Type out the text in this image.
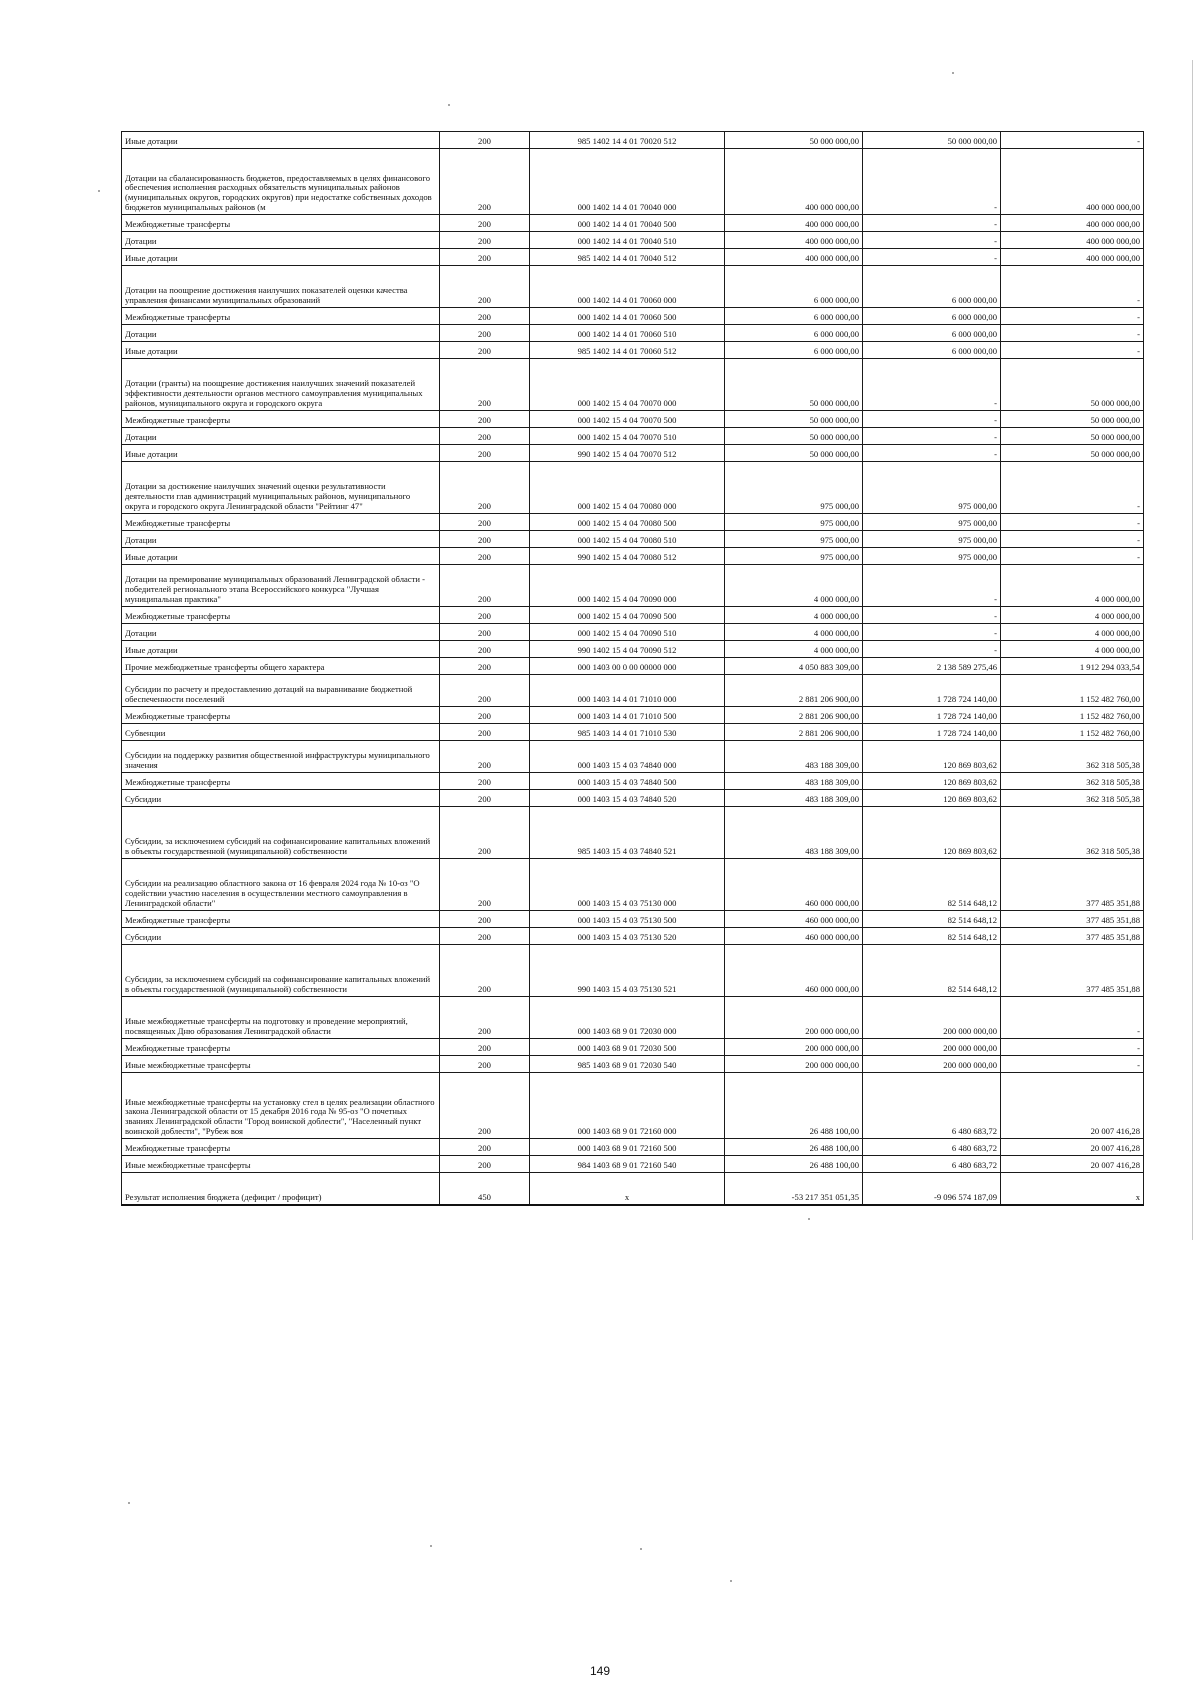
Иные дотации	200	985 1402 14 4 01 70020 512	50 000 000,00	50 000 000,00	-
Дотации на сбалансированность бюджетов, предоставляемых в целях финансового обеспечения исполнения расходных обязательств муниципальных районов (муниципальных округов, городских округов) при недостатке собственных доходов бюджетов муниципальных районов (м	200	000 1402 14 4 01 70040 000	400 000 000,00	-	400 000 000,00
Межбюджетные трансферты	200	000 1402 14 4 01 70040 500	400 000 000,00	-	400 000 000,00
Дотации	200	000 1402 14 4 01 70040 510	400 000 000,00	-	400 000 000,00
Иные дотации	200	985 1402 14 4 01 70040 512	400 000 000,00	-	400 000 000,00
Дотации на поощрение достижения наилучших показателей оценки качества управления финансами муниципальных образований	200	000 1402 14 4 01 70060 000	6 000 000,00	6 000 000,00	-
Межбюджетные трансферты	200	000 1402 14 4 01 70060 500	6 000 000,00	6 000 000,00	-
Дотации	200	000 1402 14 4 01 70060 510	6 000 000,00	6 000 000,00	-
Иные дотации	200	985 1402 14 4 01 70060 512	6 000 000,00	6 000 000,00	-
Дотации (гранты) на поощрение достижения наилучших значений показателей эффективности деятельности органов местного самоуправления муниципальных районов, муниципального округа и городского округа	200	000 1402 15 4 04 70070 000	50 000 000,00	-	50 000 000,00
Межбюджетные трансферты	200	000 1402 15 4 04 70070 500	50 000 000,00	-	50 000 000,00
Дотации	200	000 1402 15 4 04 70070 510	50 000 000,00	-	50 000 000,00
Иные дотации	200	990 1402 15 4 04 70070 512	50 000 000,00	-	50 000 000,00
Дотации за достижение наилучших значений оценки результативности деятельности глав администраций муниципальных районов, муниципального округа и городского округа Ленинградской области "Рейтинг 47"	200	000 1402 15 4 04 70080 000	975 000,00	975 000,00	-
Межбюджетные трансферты	200	000 1402 15 4 04 70080 500	975 000,00	975 000,00	-
Дотации	200	000 1402 15 4 04 70080 510	975 000,00	975 000,00	-
Иные дотации	200	990 1402 15 4 04 70080 512	975 000,00	975 000,00	-
Дотации на премирование муниципальных образований Ленинградской области - победителей регионального этапа Всероссийского конкурса "Лучшая муниципальная практика"	200	000 1402 15 4 04 70090 000	4 000 000,00	-	4 000 000,00
Межбюджетные трансферты	200	000 1402 15 4 04 70090 500	4 000 000,00	-	4 000 000,00
Дотации	200	000 1402 15 4 04 70090 510	4 000 000,00	-	4 000 000,00
Иные дотации	200	990 1402 15 4 04 70090 512	4 000 000,00	-	4 000 000,00
Прочие межбюджетные трансферты общего характера	200	000 1403 00 0 00 00000 000	4 050 883 309,00	2 138 589 275,46	1 912 294 033,54
Субсидии по расчету и предоставлению дотаций на выравнивание бюджетной обеспеченности поселений	200	000 1403 14 4 01 71010 000	2 881 206 900,00	1 728 724 140,00	1 152 482 760,00
Межбюджетные трансферты	200	000 1403 14 4 01 71010 500	2 881 206 900,00	1 728 724 140,00	1 152 482 760,00
Субвенции	200	985 1403 14 4 01 71010 530	2 881 206 900,00	1 728 724 140,00	1 152 482 760,00
Субсидии на поддержку развития общественной инфраструктуры муниципального значения	200	000 1403 15 4 03 74840 000	483 188 309,00	120 869 803,62	362 318 505,38
Межбюджетные трансферты	200	000 1403 15 4 03 74840 500	483 188 309,00	120 869 803,62	362 318 505,38
Субсидии	200	000 1403 15 4 03 74840 520	483 188 309,00	120 869 803,62	362 318 505,38
Субсидии, за исключением субсидий на софинансирование капитальных вложений в объекты государственной (муниципальной) собственности	200	985 1403 15 4 03 74840 521	483 188 309,00	120 869 803,62	362 318 505,38
Субсидии на реализацию областного закона от 16 февраля 2024 года № 10-оз "О содействии участию населения в осуществлении местного самоуправления в Ленинградской области"	200	000 1403 15 4 03 75130 000	460 000 000,00	82 514 648,12	377 485 351,88
Межбюджетные трансферты	200	000 1403 15 4 03 75130 500	460 000 000,00	82 514 648,12	377 485 351,88
Субсидии	200	000 1403 15 4 03 75130 520	460 000 000,00	82 514 648,12	377 485 351,88
Субсидии, за исключением субсидий на софинансирование капитальных вложений в объекты государственной (муниципальной) собственности	200	990 1403 15 4 03 75130 521	460 000 000,00	82 514 648,12	377 485 351,88
Иные межбюджетные трансферты на подготовку и проведение мероприятий, посвященных Дню образования Ленинградской области	200	000 1403 68 9 01 72030 000	200 000 000,00	200 000 000,00	-
Межбюджетные трансферты	200	000 1403 68 9 01 72030 500	200 000 000,00	200 000 000,00	-
Иные межбюджетные трансферты	200	985 1403 68 9 01 72030 540	200 000 000,00	200 000 000,00	-
Иные межбюджетные трансферты на установку стел в целях реализации областного закона Ленинградской области от 15 декабря 2016 года № 95-оз "О почетных званиях Ленинградской области "Город воинской доблести", "Населенный пункт воинской доблести", "Рубеж воя	200	000 1403 68 9 01 72160 000	26 488 100,00	6 480 683,72	20 007 416,28
Межбюджетные трансферты	200	000 1403 68 9 01 72160 500	26 488 100,00	6 480 683,72	20 007 416,28
Иные межбюджетные трансферты	200	984 1403 68 9 01 72160 540	26 488 100,00	6 480 683,72	20 007 416,28
Результат исполнения бюджета (дефицит / профицит)	450	x	-53 217 351 051,35	-9 096 574 187,09	x
149
